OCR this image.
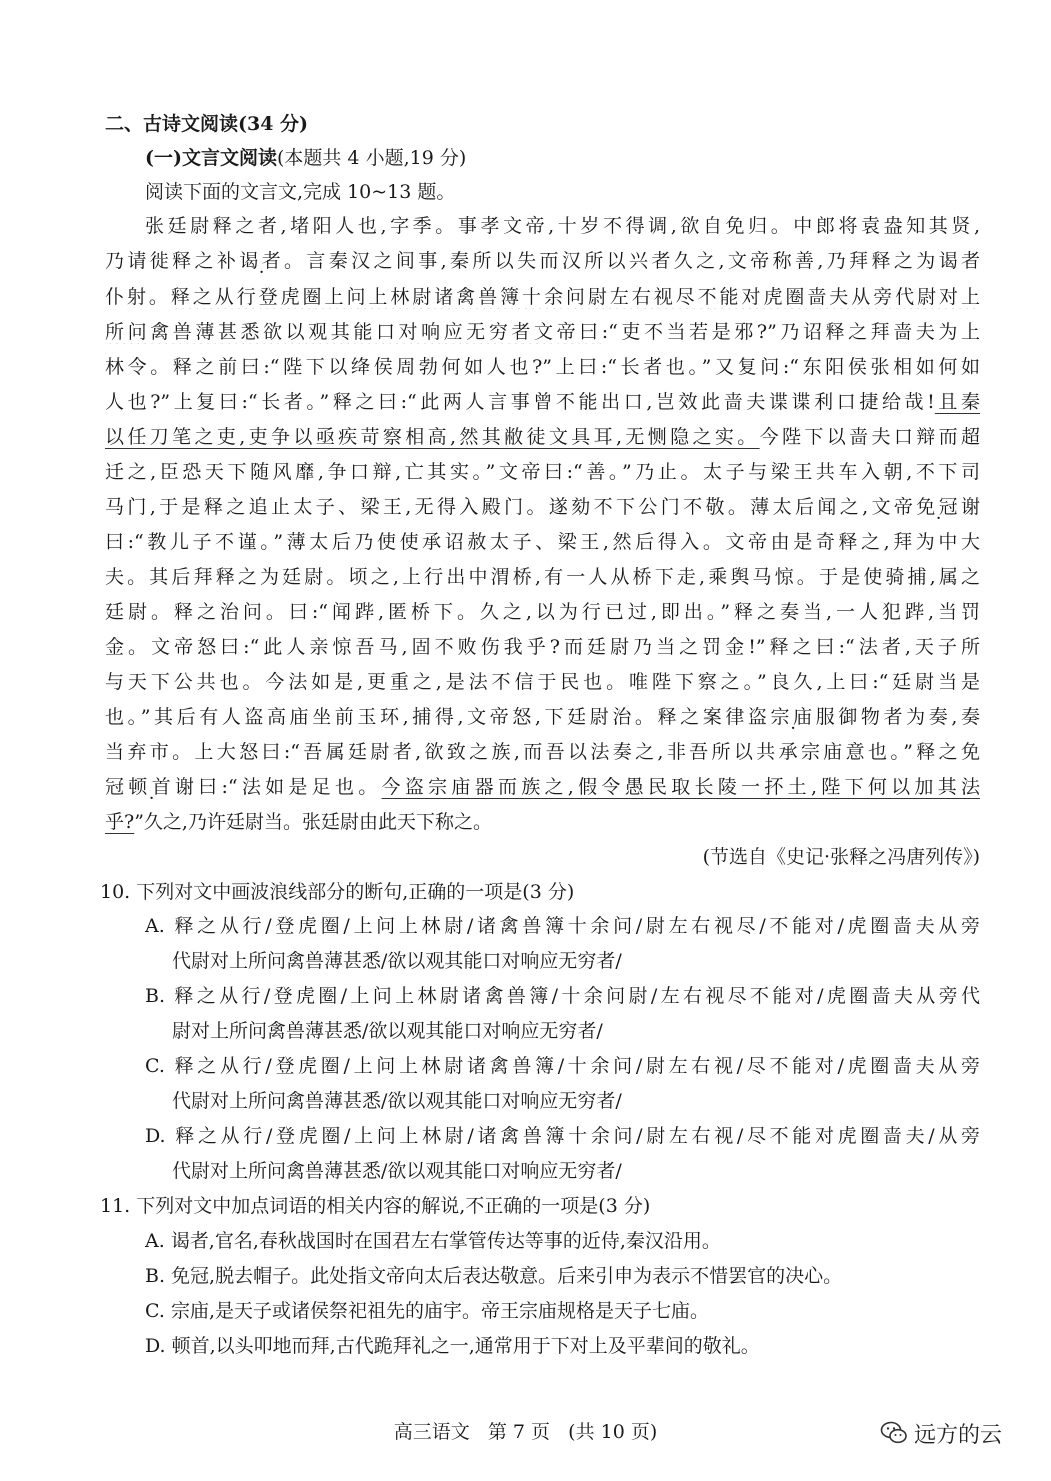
二、古诗文阅读(34 分)
(一)文言文阅读(本题共 4 小题,19 分)
阅读下面的文言文,完成 10~13 题。
张廷尉释之者,堵阳人也,字季。事孝文帝,十岁不得调,欲自免归。中郎将袁盎知其贤,
乃请徙释之补谒者。言秦汉之间事,秦所以失而汉所以兴者久之,文帝称善,乃拜释之为谒者
仆射。释之从行登虎圈上问上林尉诸禽兽簿十余问尉左右视尽不能对虎圈啬夫从旁代尉对上
所问禽兽薄甚悉欲以观其能口对响应无穷者文帝曰:“吏不当若是邪?”乃诏释之拜啬夫为上
林令。释之前曰:“陛下以绛侯周勃何如人也?”上曰:“长者也。”又复问:“东阳侯张相如何如
人也?”上复曰:“长者。”释之曰:“此两人言事曾不能出口,岂效此啬夫谍谍利口捷给哉!且秦
以任刀笔之吏,吏争以亟疾苛察相高,然其敝徒文具耳,无恻隐之实。今陛下以啬夫口辩而超
迁之,臣恐天下随风靡,争口辩,亡其实。”文帝曰:“善。”乃止。太子与梁王共车入朝,不下司
马门,于是释之追止太子、梁王,无得入殿门。遂劾不下公门不敬。薄太后闻之,文帝免冠谢
曰:“教儿子不谨。”薄太后乃使使承诏赦太子、梁王,然后得入。文帝由是奇释之,拜为中大
夫。其后拜释之为廷尉。顷之,上行出中渭桥,有一人从桥下走,乘舆马惊。于是使骑捕,属之
廷尉。释之治问。曰:“闻跸,匿桥下。久之,以为行已过,即出。”释之奏当,一人犯跸,当罚
金。文帝怒曰:“此人亲惊吾马,固不败伤我乎?而廷尉乃当之罚金!”释之曰:“法者,天子所
与天下公共也。今法如是,更重之,是法不信于民也。唯陛下察之。”良久,上曰:“廷尉当是
也。”其后有人盗高庙坐前玉环,捕得,文帝怒,下廷尉治。释之案律盗宗庙服御物者为奏,奏
当弃市。上大怒曰:“吾属廷尉者,欲致之族,而吾以法奏之,非吾所以共承宗庙意也。”释之免
冠顿首谢曰:“法如是足也。今盗宗庙器而族之,假令愚民取长陵一抔土,陛下何以加其法
乎?”久之,乃许廷尉当。张廷尉由此天下称之。
(节选自《史记·张释之冯唐列传》)
10. 下列对文中画波浪线部分的断句,正确的一项是(3 分)
A. 释之从行/登虎圈/上问上林尉/诸禽兽簿十余问/尉左右视尽/不能对/虎圈啬夫从旁
代尉对上所问禽兽薄甚悉/欲以观其能口对响应无穷者/
B. 释之从行/登虎圈/上问上林尉诸禽兽簿/十余问尉/左右视尽不能对/虎圈啬夫从旁代
尉对上所问禽兽薄甚悉/欲以观其能口对响应无穷者/
C. 释之从行/登虎圈/上问上林尉诸禽兽簿/十余问/尉左右视/尽不能对/虎圈啬夫从旁
代尉对上所问禽兽薄甚悉/欲以观其能口对响应无穷者/
D. 释之从行/登虎圈/上问上林尉/诸禽兽簿十余问/尉左右视/尽不能对虎圈啬夫/从旁
代尉对上所问禽兽薄甚悉/欲以观其能口对响应无穷者/
11. 下列对文中加点词语的相关内容的解说,不正确的一项是(3 分)
A. 谒者,官名,春秋战国时在国君左右掌管传达等事的近侍,秦汉沿用。
B. 免冠,脱去帽子。此处指文帝向太后表达敬意。后来引申为表示不惜罢官的决心。
C. 宗庙,是天子或诸侯祭祀祖先的庙宇。帝王宗庙规格是天子七庙。
D. 顿首,以头叩地而拜,古代跪拜礼之一,通常用于下对上及平辈间的敬礼。
高三语文   第 7 页   (共 10 页)	远方的云
